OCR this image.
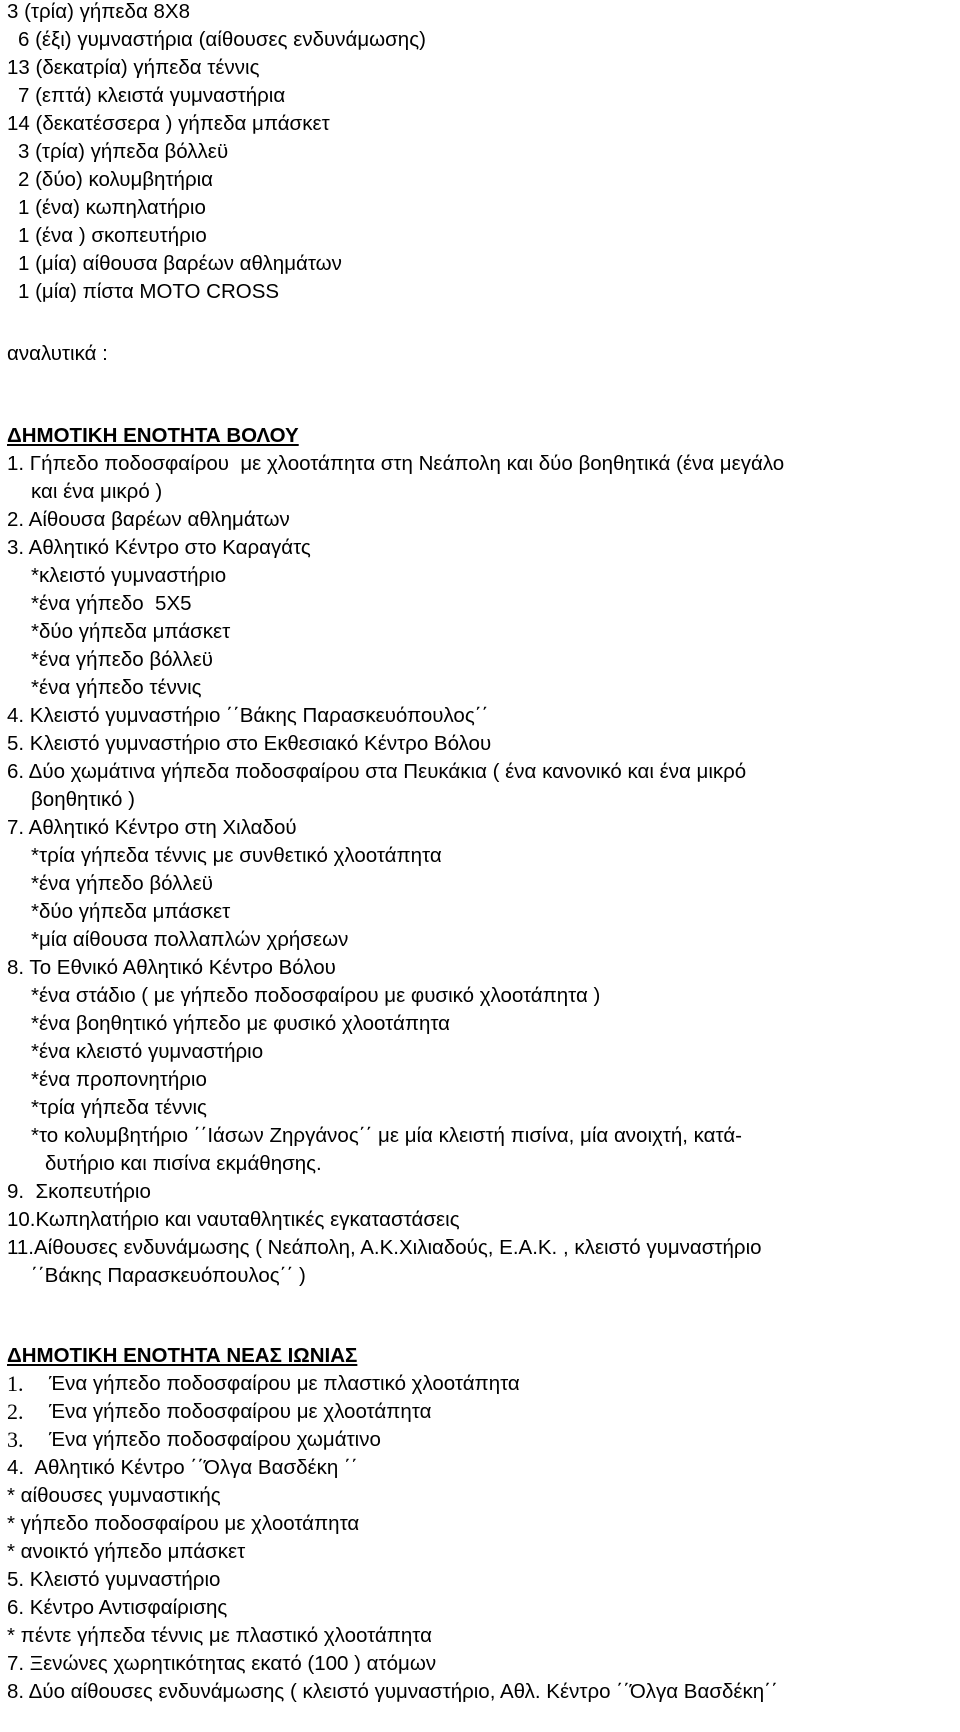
3 (τρία) γήπεδα 8Χ8
6 (έξι) γυμναστήρια (αίθουσες ενδυνάμωσης)
13 (δεκατρία) γήπεδα τέννις
7 (επτά) κλειστά γυμναστήρια
14 (δεκατέσσερα ) γήπεδα μπάσκετ
3 (τρία) γήπεδα βόλλεϋ
2 (δύο) κολυμβητήρια
1 (ένα) κωπηλατήριο
1 (ένα ) σκοπευτήριο
1 (μία) αίθουσα βαρέων αθλημάτων
1 (μία) πίστα MOTO CROSS
αναλυτικά :
ΔΗΜΟΤΙΚΗ ΕΝΟΤΗΤΑ ΒΟΛΟΥ
1. Γήπεδο ποδοσφαίρου  με χλοοτάπητα στη Νεάπολη και δύο βοηθητικά (ένα μεγάλο
και ένα μικρό )
2. Αίθουσα βαρέων αθλημάτων
3. Αθλητικό Κέντρο στο Καραγάτς
*κλειστό γυμναστήριο
*ένα γήπεδο  5Χ5
*δύο γήπεδα μπάσκετ
*ένα γήπεδο βόλλεϋ
*ένα γήπεδο τέννις
4. Κλειστό γυμναστήριο ΄΄Βάκης Παρασκευόπουλος΄΄
5. Κλειστό γυμναστήριο στο Εκθεσιακό Κέντρο Βόλου
6. Δύο χωμάτινα γήπεδα ποδοσφαίρου στα Πευκάκια ( ένα κανονικό και ένα μικρό
βοηθητικό )
7. Αθλητικό Κέντρο στη Χιλαδού
*τρία γήπεδα τέννις με συνθετικό χλοοτάπητα
*ένα γήπεδο βόλλεϋ
*δύο γήπεδα μπάσκετ
*μία αίθουσα πολλαπλών χρήσεων
8. Το Εθνικό Αθλητικό Κέντρο Βόλου
*ένα στάδιο ( με γήπεδο ποδοσφαίρου με φυσικό χλοοτάπητα )
*ένα βοηθητικό γήπεδο με φυσικό χλοοτάπητα
*ένα κλειστό γυμναστήριο
*ένα προπονητήριο
*τρία γήπεδα τέννις
*το κολυμβητήριο ΄΄Ιάσων Ζηργάνος΄΄ με μία κλειστή πισίνα, μία ανοιχτή, κατά-
δυτήριο και πισίνα εκμάθησης.
9.  Σκοπευτήριο
10.Κωπηλατήριο και ναυταθλητικές εγκαταστάσεις
11.Αίθουσες ενδυνάμωσης ( Νεάπολη, Α.Κ.Χιλιαδούς, Ε.Α.Κ. , κλειστό γυμναστήριο
΄΄Βάκης Παρασκευόπουλος΄΄ )
ΔΗΜΟΤΙΚΗ ΕΝΟΤΗΤΑ ΝΕΑΣ ΙΩΝΙΑΣ
1. Ένα γήπεδο ποδοσφαίρου με πλαστικό χλοοτάπητα
2. Ένα γήπεδο ποδοσφαίρου με χλοοτάπητα
3. Ένα γήπεδο ποδοσφαίρου χωμάτινο
4.  Αθλητικό Κέντρο ΄΄Όλγα Βασδέκη ΄΄
* αίθουσες γυμναστικής
* γήπεδο ποδοσφαίρου με χλοοτάπητα
* ανοικτό γήπεδο μπάσκετ
5. Κλειστό γυμναστήριο
6. Κέντρο Αντισφαίρισης
* πέντε γήπεδα τέννις με πλαστικό χλοοτάπητα
7. Ξενώνες χωρητικότητας εκατό (100 ) ατόμων
8. Δύο αίθουσες ενδυνάμωσης ( κλειστό γυμναστήριο, Αθλ. Κέντρο ΄΄Όλγα Βασδέκη΄΄
